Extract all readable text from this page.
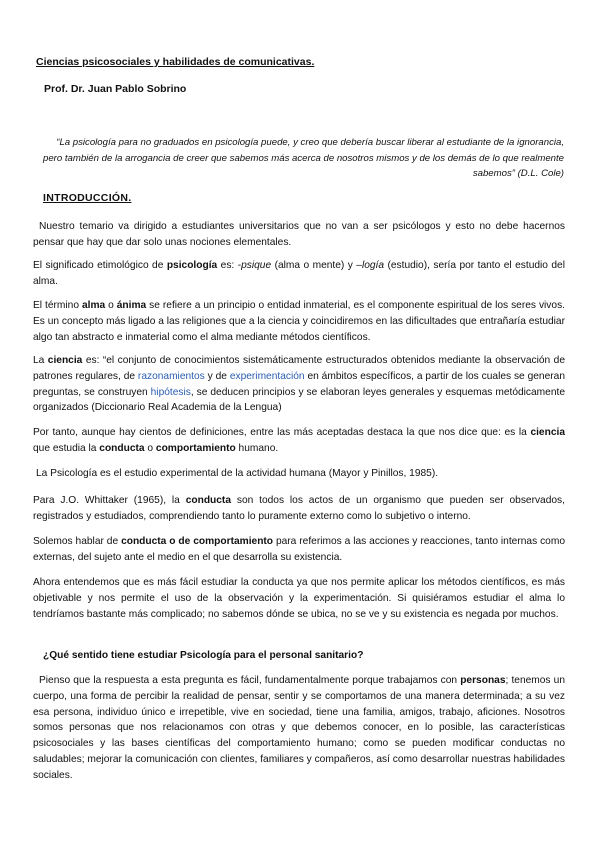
Ciencias psicosociales y habilidades de comunicativas.
Prof. Dr. Juan Pablo Sobrino
“La psicología para no graduados en psicología puede, y creo que debería buscar liberar al estudiante de la ignorancia, pero también de la arrogancia de creer que sabemos más acerca de nosotros mismos y de los demás de lo que realmente sabemos” (D.L. Cole)
INTRODUCCIÓN.
Nuestro temario va dirigido a estudiantes universitarios que no van a ser psicólogos y esto no debe hacernos pensar que hay que dar solo unas nociones elementales.
El significado etimológico de psicología es: -psique (alma o mente) y –logía (estudio), sería por tanto el estudio del alma.
El término alma o ánima se refiere a un principio o entidad inmaterial, es el componente espiritual de los seres vivos. Es un concepto más ligado a las religiones que a la ciencia y coincidiremos en las dificultades que entrañaría estudiar algo tan abstracto e inmaterial como el alma mediante métodos científicos.
La ciencia es: “el conjunto de conocimientos sistemáticamente estructurados obtenidos mediante la observación de patrones regulares, de razonamientos y de experimentación en ámbitos específicos, a partir de los cuales se generan preguntas, se construyen hipótesis, se deducen principios y se elaboran leyes generales y esquemas metódicamente organizados (Diccionario Real Academia de la Lengua)
Por tanto, aunque hay cientos de definiciones, entre las más aceptadas destaca la que nos dice que: es la ciencia que estudia la conducta o comportamiento humano.
La Psicología es el estudio experimental de la actividad humana (Mayor y Pinillos, 1985).
Para J.O. Whittaker (1965), la conducta son todos los actos de un organismo que pueden ser observados, registrados y estudiados, comprendiendo tanto lo puramente externo como lo subjetivo o interno.
Solemos hablar de conducta o de comportamiento para referimos a las acciones y reacciones, tanto internas como externas, del sujeto ante el medio en el que desarrolla su existencia.
Ahora entendemos que es más fácil estudiar la conducta ya que nos permite aplicar los métodos científicos, es más objetivable y nos permite el uso de la observación y la experimentación. Si quisiéramos estudiar el alma lo tendríamos bastante más complicado; no sabemos dónde se ubica, no se ve y su existencia es negada por muchos.
¿Qué sentido tiene estudiar Psicología para el personal sanitario?
Pienso que la respuesta a esta pregunta es fácil, fundamentalmente porque trabajamos con personas; tenemos un cuerpo, una forma de percibir la realidad de pensar, sentir y se comportamos de una manera determinada; a su vez esa persona, individuo único e irrepetible, vive en sociedad, tiene una familia, amigos, trabajo, aficiones. Nosotros somos personas que nos relacionamos con otras y que debemos conocer, en lo posible, las características psicosociales y las bases científicas del comportamiento humano; como se pueden modificar conductas no saludables; mejorar la comunicación con clientes, familiares y compañeros, así como desarrollar nuestras habilidades sociales.
